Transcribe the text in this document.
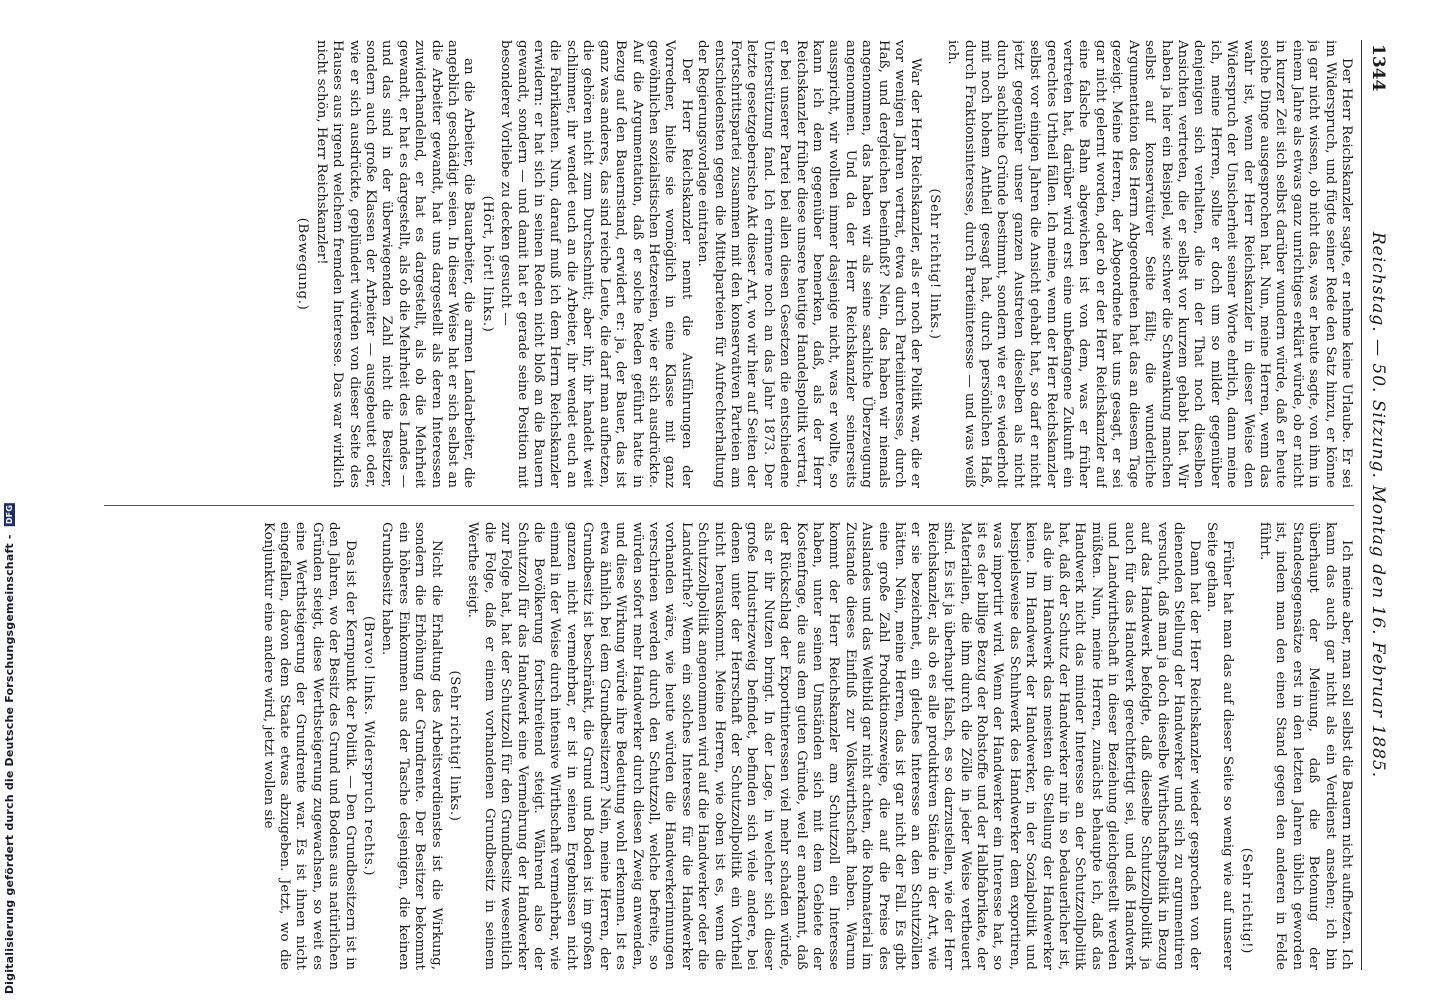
Digitalisierung gefördert durch die Deutsche Forschungsgemeinschaft - DFG
1344
Reichstag. — 50. Sitzung. Montag den 16. Februar 1885.

Der Herr Reichskanzler sagte, er nehme keine Urlaube. Er sei im Widerspruch, und fügte seiner Rede den Satz hinzu, er könne ja gar nicht wissen, ob nicht das, was er heute sagte, von ihm in einem Jahre als etwas ganz unrichtiges erklärt würde, ob er nicht in kurzer Zeit sich selbst darüber wundern würde, daß er heute solche Dinge ausgesprochen hat. Nun, meine Herren, wenn das wahr ist, wenn der Herr Reichskanzler in dieser Weise den Widerspruch der Unsicherheit seiner Worte ehrlich, dann meine ich, meine Herren, sollte er doch um so milder gegenüber denjenigen sich verhalten, die in der That noch dieselben Ansichten vertreten, die er selbst vor kurzem gehabt hat. Wir haben ja hier ein Beispiel, wie schwer die Schwankung manchen selbst auf konservativer Seite fällt; die wunderliche Argumentation des Herrn Abgeordneten hat das an diesem Tage gezeigt. Meine Herren, der Abgeordnete hat uns gesagt, er sei gar nicht gelernt worden, oder ob er der Herr Reichskanzler auf eine falsche Bahn abgewichen ist von dem, was er früher vertreten hat, darüber wird erst eine unbefangene Zukunft ein gerechtes Urtheil fällen. Ich meine, wenn der Herr Reichskanzler selbst vor einigen Jahren die Ansicht gehabt hat, so darf er nicht jetzt gegenüber unser ganzen Austreten dieselben als nicht durch sachliche Gründe bestimmt, sondern wie er es wiederholt mit noch hohem Antheil gesagt hat, durch persönlichen Haß, durch Fraktionsinteresse, durch Parteiinteresse — und was weiß ich.

(Sehr richtig! links.)

War der Herr Reichskanzler, als er noch der Politik war, die er vor wenigen Jahren vertrat, etwa durch Parteiinteresse, durch Haß, und dergleichen beeinflußt? Nein, das haben wir niemals angenommen, das haben wir als seine sachliche Überzeugung angenommen. Und da der Herr Reichskanzler seinerseits ausspricht, wir wollten immer dasjenige nicht, was er wollte, so kann ich dem gegenüber bemerken, daß, als der Herr Reichskanzler früher diese unsere heutige Handelspolitik vertrat, er bei unserer Partei bei allen diesen Gesetzen die entschiedene Unterstützung fand. Ich erinnere noch an das Jahr 1873. Der letzte gesetzgeberische Akt dieser Art, wo wir hier auf Seiten der Fortschrittspartei zusammen mit den konservativen Parteien am entschiedensten gegen die Mittelparteien für Aufrechterhaltung der Regierungsvorlage eintraten.

Der Herr Reichskanzler nennt die Ausführungen der Vorredner, hielte sie womöglich in eine Klasse mit ganz gewöhnlichen sozialistischen Hetzereien, wie er sich ausdrückte. Auf die Argumentation, daß er solche Reden geführt hatte in Bezug auf den Bauernstand, erwidert er: ja, der Bauer, das ist ganz was anderes, das sind reiche Leute, die darf man aufhetzen, die gehören nicht zum Durchschnitt; aber ihr, ihr handelt weit schlimmer, ihr wendet euch an die Arbeiter, ihr wendet euch an die Fabrikanten. Nun, darauf muß ich dem Herrn Reichskanzler erwidern: er hat sich in seinen Reden nicht bloß an die Bauern gewandt, sondern — und damit hat er gerade seine Position mit besonderer Vorliebe zu decken gesucht —

(Hört, hört! links.)

an die Arbeiter, die Bauarbeiter, die armen Landarbeiter, die angeblich geschädigt seien. In dieser Weise hat er sich selbst an die Arbeiter gewandt, hat uns dargestellt als deren Interessen zuwiderhandelnd, er hat es dargestellt, als ob die Mehrheit gewandt, er hat es dargestellt, als ob die Mehrheit des Landes — und das sind in der überwiegenden Zahl nicht die Besitzer, sondern auch große Klassen der Arbeiter — ausgebeutet oder, wie er sich ausdrückte, geplündert würden von dieser Seite des Hauses aus irgend welchem fremden Interesse. Das war wirklich nicht schön, Herr Reichskanzler!

(Bewegung.)

Ich meine aber, man soll selbst die Bauern nicht aufhetzen. Ich kann das auch gar nicht als ein Verdienst ansehen; ich bin überhaupt der Meinung, daß die Betonung der Standesgegensätze erst in den letzten Jahren üblich geworden ist, indem man den einen Stand gegen den anderen in Felde führt.

(Sehr richtig!)

Früher hat man das auf dieser Seite so wenig wie auf unserer Seite gethan.

Dann hat der Herr Reichskanzler wieder gesprochen von der dienenden Stellung der Handwerker und sich zu argumentiren versucht, daß man ja doch dieselbe Wirthschaftspolitik in Bezug auf das Handwerk befolgte, daß dieselbe Schutzzollpolitik ja auch für das Handwerk gerechtfertigt sei, und daß Handwerk und Landwirthschaft in dieser Beziehung gleichgestellt werden müßten. Nun, meine Herren, zunächst behaupte ich, daß das Handwerk nicht das minder Interesse an der Schutzzollpolitik hat, daß der Schutz der Handwerker mir in so bedauerlicher ist, als die im Handwerk das meisten die Stellung der Handwerker keine. Im Handwerk der Handwerker, in der Sozialpolitik und beispielsweise das Schuhwerk des Handwerker dem exportiren, was importirt wird. Wenn der Handwerker ein Interesse hat, so ist es der billige Bezug der Rohstoffe und der Halbfabrikate, der Materialien, die ihm durch die Zölle in jeder Weise vertheuert sind. Es ist ja überhaupt falsch, es so darzustellen, wie der Herr Reichskanzler, als ob es alle produktiven Stände in der Art, wie er sie bezeichnet, ein gleiches Interesse an den Schutzzöllen hätten. Nein, meine Herren, das ist gar nicht der Fall. Es gibt eine große Zahl Produktionszweige, die auf die Preise des Auslandes und das Weltbild gar nicht achten, die Rohmaterial im Zustande dieses Einfluß zur Volkswirthschaft haben. Warum kommt der Herr Reichskanzler am Schutzzoll ein Interesse haben, unter seinen Umständen sich mit dem Gebiete der Kostenfrage, die aus dem guten Gründe, weil er anerkannt, daß der Rückschlag der Exportinteressen viel mehr schaden würde, als er ihr Nutzen bringt. In der Lage, in welcher sich dieser große Industriezweig befindet, befinden sich viele andere, bei denen unter der Herrschaft der Schutzzollpolitik ein Vortheil nicht herauskommt. Meine Herren, wie oben ist es, wenn die Schutzzollpolitik angenommen wird auf die Handwerker oder die Landwirthe? Wenn ein solches Interesse für die Handwerker vorhanden wäre, wie heute würden die Handwerkerinnungen verschrieen werden durch den Schutzzoll, welche befreite, so würden sofort mehr Handwerker durch diesen Zweig anwenden, und diese Wirkung würde ihre Bedeutung wohl erkennen. Ist es etwa ähnlich bei dem Grundbesitzern? Nein, meine Herren, der Grundbesitz ist beschränkt, die Grund und Boden ist im großen ganzen nicht vermehrbar, er ist in seinen Ergebnissen nicht einmal in der Weise durch intensive Wirthschaft vermehrbar, wie die Bevölkerung fortschreitend steigt. Während also der Schutzzoll für das Handwerk eine Vermehrung der Handwerker zur Folge hat, hat der Schutzzoll für den Grundbesitz wesentlich die Folge, daß er einem vorhandenen Grundbesitz in seinem Werthe steigt.

(Sehr richtig! links.)

Nicht die Erhaltung des Arbeitsverdienstes ist die Wirkung, sondern die Erhöhung der Grundrente. Der Besitzer bekommt ein höheres Einkommen aus der Tasche desjenigen, die keinen Grundbesitz haben.

(Bravo! links. Widerspruch rechts.)

Das ist der Kernpunkt der Politik. — Den Grundbesitzern ist in den Jahren, wo der Besitz des Grund und Bodens aus natürlichen Gründen steigt, diese Werthsteigerung zugewachsen, so weit es eine Werthsteigerung der Grundrente war. Es ist ihnen nicht eingefallen, davon dem Staate etwas abzugeben. Jetzt, wo die Konjunktur eine andere wird, jetzt wollen sie
